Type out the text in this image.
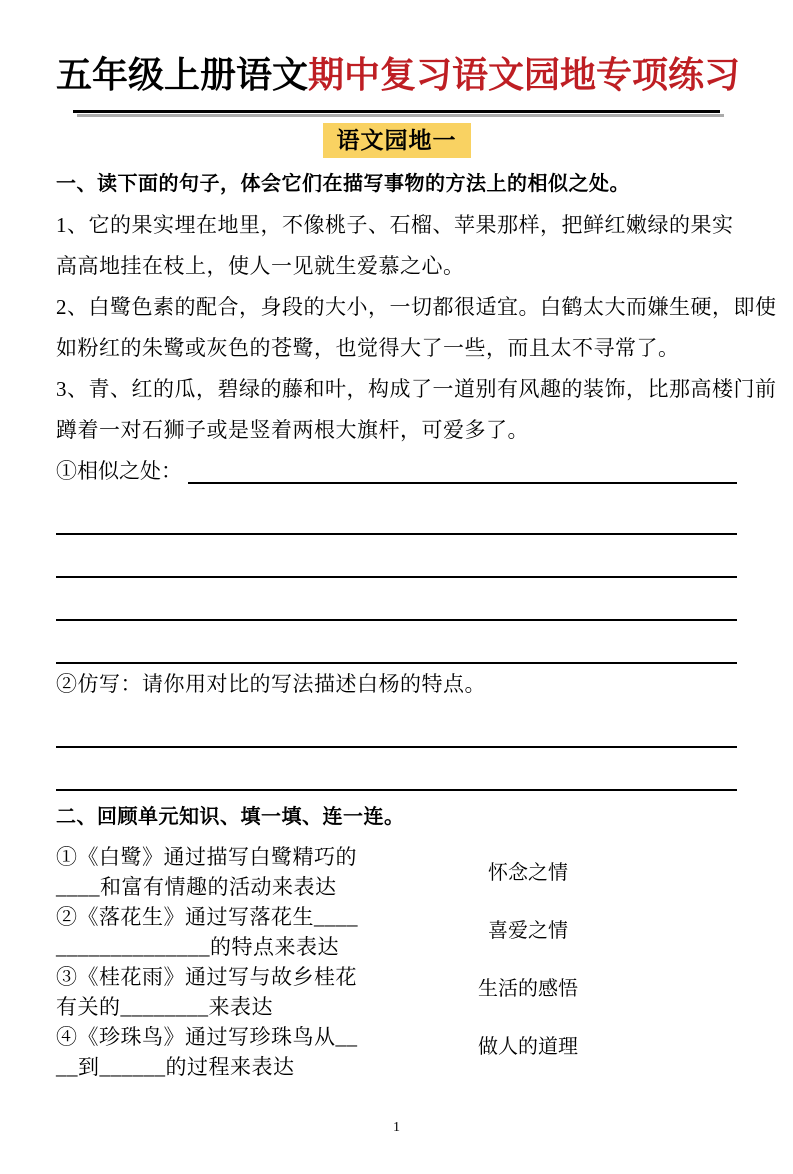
五年级上册语文期中复习语文园地专项练习
语文园地一
一、读下面的句子，体会它们在描写事物的方法上的相似之处。
1、它的果实埋在地里，不像桃子、石榴、苹果那样，把鲜红嫩绿的果实
高高地挂在枝上，使人一见就生爱慕之心。
2、白鹭色素的配合，身段的大小，一切都很适宜。白鹤太大而嫌生硬，即使
如粉红的朱鹭或灰色的苍鹭，也觉得大了一些，而且太不寻常了。
3、青、红的瓜，碧绿的藤和叶，构成了一道别有风趣的装饰，比那高楼门前
蹲着一对石狮子或是竖着两根大旗杆，可爱多了。
①相似之处：
②仿写：请你用对比的写法描述白杨的特点。
二、回顾单元知识、填一填、连一连。
①《白鹭》通过描写白鹭精巧的
____和富有情趣的活动来表达
②《落花生》通过写落花生____
______________的特点来表达
③《桂花雨》通过写与故乡桂花
有关的________来表达
④《珍珠鸟》通过写珍珠鸟从__
__到______的过程来表达
怀念之情
喜爱之情
生活的感悟
做人的道理
1
